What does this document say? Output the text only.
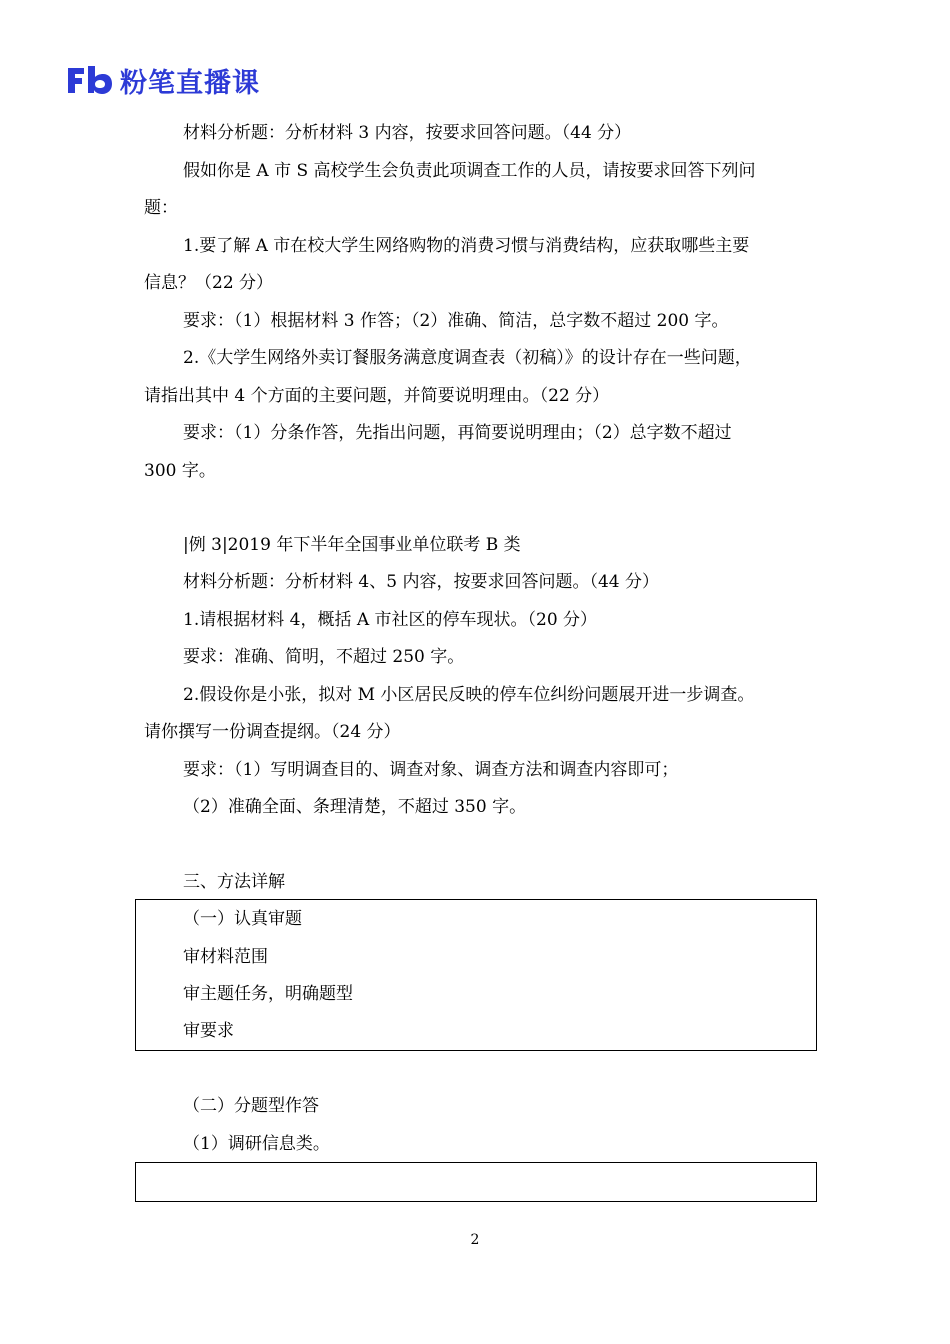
粉笔直播课
材料分析题：分析材料 3 内容，按要求回答问题。（44 分）
假如你是 A 市 S 高校学生会负责此项调查工作的人员，请按要求回答下列问
题：
1.要了解 A 市在校大学生网络购物的消费习惯与消费结构，应获取哪些主要
信息？（22 分）
要求：（1）根据材料 3 作答；（2）准确、简洁，总字数不超过 200 字。
2.《大学生网络外卖订餐服务满意度调查表（初稿）》的设计存在一些问题，
请指出其中 4 个方面的主要问题，并简要说明理由。（22 分）
要求：（1）分条作答，先指出问题，再简要说明理由；（2）总字数不超过
300 字。
|例 3|2019 年下半年全国事业单位联考 B 类
材料分析题：分析材料 4、5 内容，按要求回答问题。（44 分）
1.请根据材料 4，概括 A 市社区的停车现状。（20 分）
要求：准确、简明，不超过 250 字。
2.假设你是小张，拟对 M 小区居民反映的停车位纠纷问题展开进一步调查。
请你撰写一份调查提纲。（24 分）
要求：（1）写明调查目的、调查对象、调查方法和调查内容即可；
（2）准确全面、条理清楚，不超过 350 字。
三、方法详解
（一）认真审题
审材料范围
审主题任务，明确题型
审要求
（二）分题型作答
（1）调研信息类。
2
